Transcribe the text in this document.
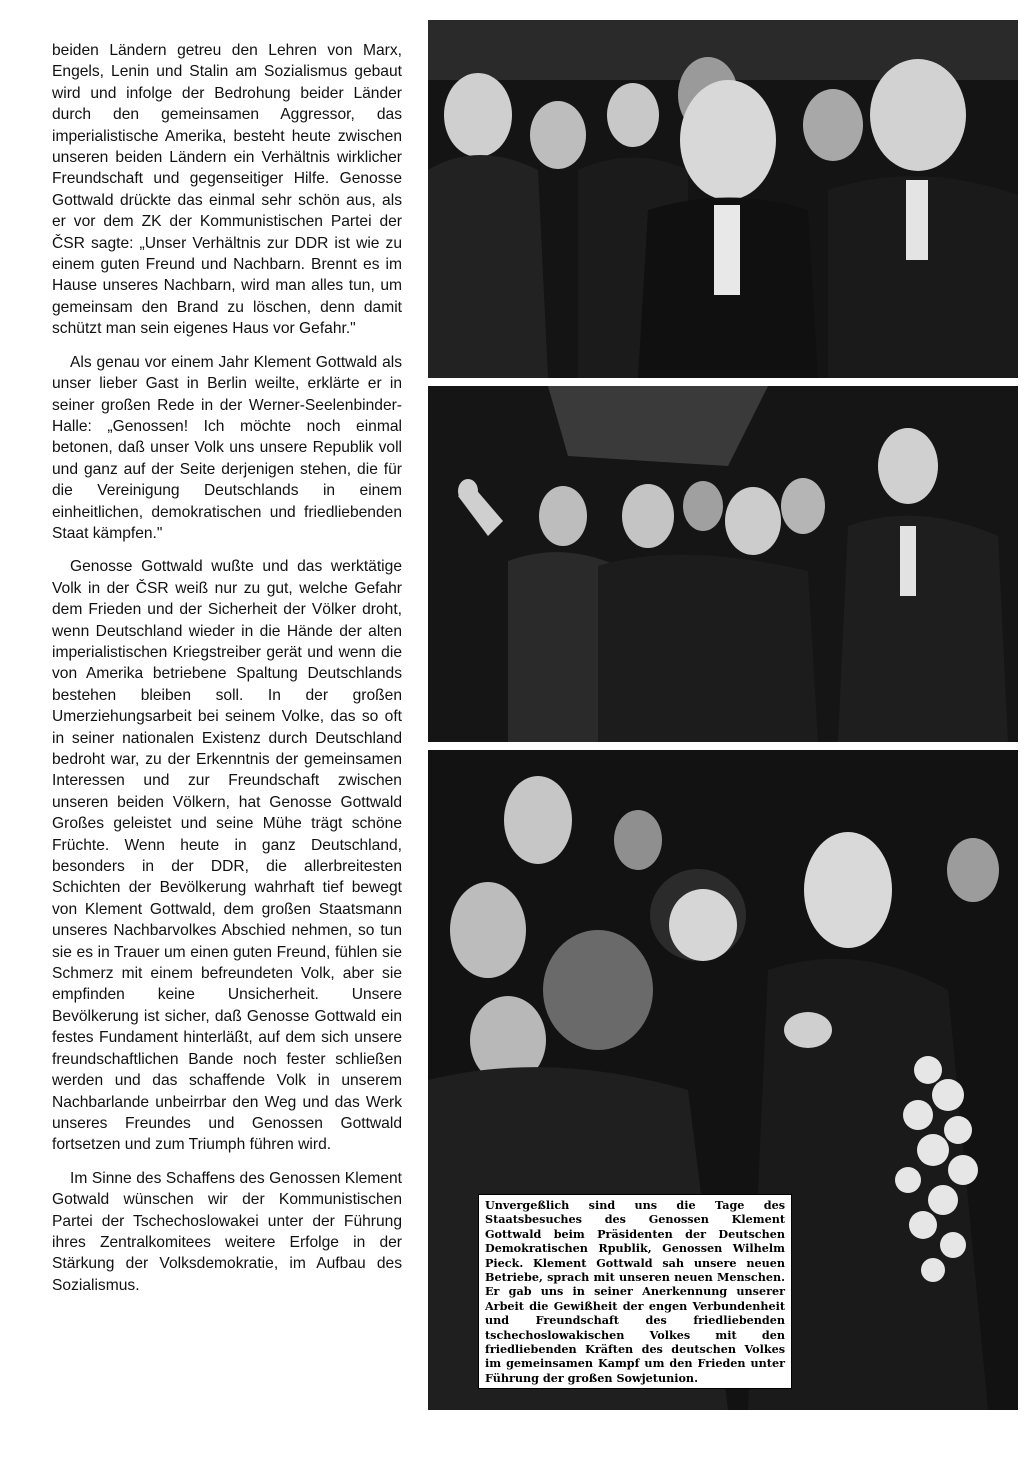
beiden Ländern getreu den Lehren von Marx, Engels, Lenin und Stalin am Sozialismus gebaut wird und infolge der Bedrohung beider Länder durch den gemeinsamen Aggressor, das imperialistische Amerika, besteht heute zwischen unseren beiden Ländern ein Verhältnis wirklicher Freundschaft und gegenseitiger Hilfe. Genosse Gottwald drückte das einmal sehr schön aus, als er vor dem ZK der Kommunistischen Partei der ČSR sagte: „Unser Verhältnis zur DDR ist wie zu einem guten Freund und Nachbarn. Brennt es im Hause unseres Nachbarn, wird man alles tun, um gemeinsam den Brand zu löschen, denn damit schützt man sein eigenes Haus vor Gefahr."

Als genau vor einem Jahr Klement Gottwald als unser lieber Gast in Berlin weilte, erklärte er in seiner großen Rede in der Werner-Seelenbinder-Halle: „Genossen! Ich möchte noch einmal betonen, daß unser Volk uns unsere Republik voll und ganz auf der Seite derjenigen stehen, die für die Vereinigung Deutschlands in einem einheitlichen, demokratischen und friedliebenden Staat kämpfen."

Genosse Gottwald wußte und das werktätige Volk in der ČSR weiß nur zu gut, welche Gefahr dem Frieden und der Sicherheit der Völker droht, wenn Deutschland wieder in die Hände der alten imperialistischen Kriegstreiber gerät und wenn die von Amerika betriebene Spaltung Deutschlands bestehen bleiben soll. In der großen Umerziehungsarbeit bei seinem Volke, das so oft in seiner nationalen Existenz durch Deutschland bedroht war, zu der Erkenntnis der gemeinsamen Interessen und zur Freundschaft zwischen unseren beiden Völkern, hat Genosse Gottwald Großes geleistet und seine Mühe trägt schöne Früchte. Wenn heute in ganz Deutschland, besonders in der DDR, die allerbreitesten Schichten der Bevölkerung wahrhaft tief bewegt von Klement Gottwald, dem großen Staatsmann unseres Nachbarvolkes Abschied nehmen, so tun sie es in Trauer um einen guten Freund, fühlen sie Schmerz mit einem befreundeten Volk, aber sie empfinden keine Unsicherheit. Unsere Bevölkerung ist sicher, daß Genosse Gottwald ein festes Fundament hinterläßt, auf dem sich unsere freundschaftlichen Bande noch fester schließen werden und das schaffende Volk in unserem Nachbarlande unbeirrbar den Weg und das Werk unseres Freundes und Genossen Gottwald fortsetzen und zum Triumph führen wird.

Im Sinne des Schaffens des Genossen Klement Gotwald wünschen wir der Kommunistischen Partei der Tschechoslowakei unter der Führung ihres Zentralkomitees weitere Erfolge in der Stärkung der Volksdemokratie, im Aufbau des Sozialismus.

Unvergeßlich sind uns die Tage des Staatsbesuches des Genossen Klement Gottwald beim Präsidenten der Deutschen Demokratischen Rpublik, Genossen Wilhelm Pieck. Klement Gottwald sah unsere neuen Betriebe, sprach mit unseren neuen Menschen. Er gab uns in seiner Anerkennung unserer Arbeit die Gewißheit der engen Verbundenheit und Freundschaft des friedliebenden tschechoslowakischen Volkes mit den friedliebenden Kräften des deutschen Volkes im gemeinsamen Kampf um den Frieden unter Führung der großen Sowjetunion.
